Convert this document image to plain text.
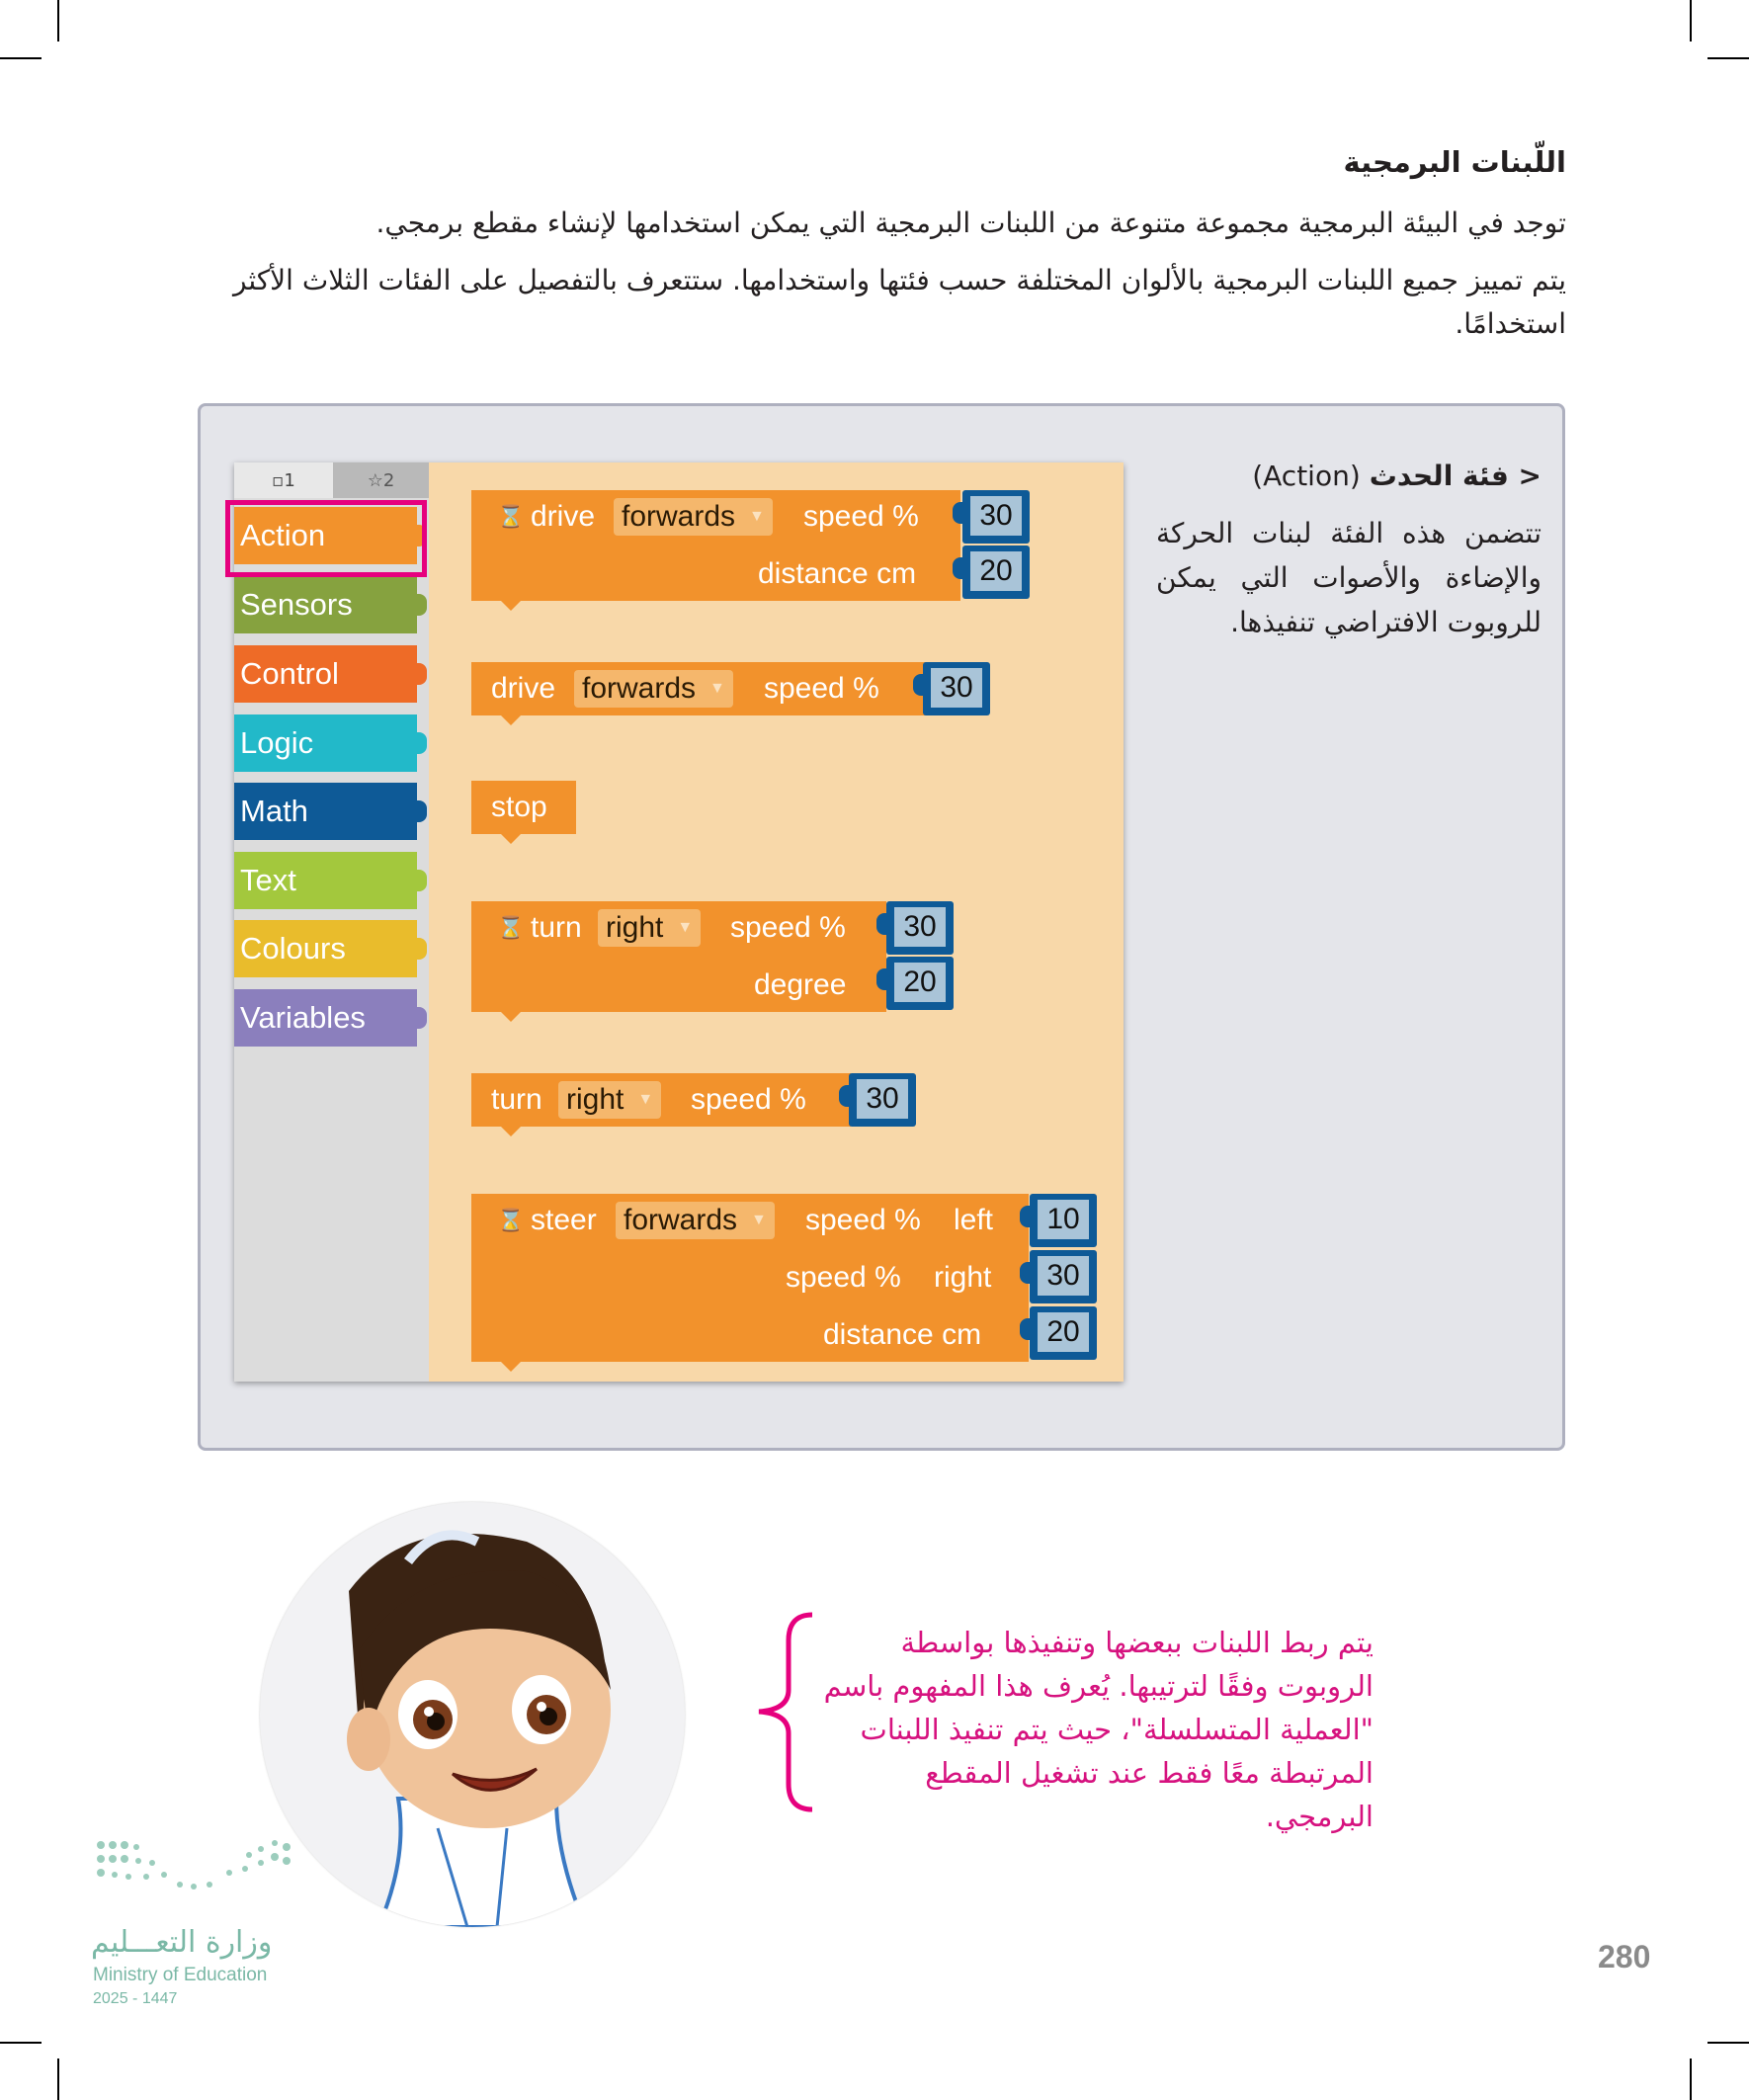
اللّبنات البرمجية
توجد في البيئة البرمجية مجموعة متنوعة من اللبنات البرمجية التي يمكن استخدامها لإنشاء مقطع برمجي.
يتم تمييز جميع اللبنات البرمجية بالألوان المختلفة حسب فئتها واستخدامها. ستتعرف بالتفصيل على الفئات الثلاث الأكثر استخدامًا.
< فئة الحدث (Action)
تتضمن هذه الفئة لبنات الحركة والإضاءة والأصوات التي يمكن للروبوت الافتراضي تنفيذها.
▫1	☆2
Action
Sensors
Control
Logic
Math
Text
Colours
Variables
⌛ drive forwards ▼ speed %
distance cm
30
20
drive forwards ▼ speed %	30
stop
⌛ turn right ▼ speed %
degree
30
20
turn right ▼ speed %	30
⌛ steer forwards ▼ speed % left
speed % right
distance cm
10
30
20
يتم ربط اللبنات ببعضها وتنفيذها بواسطة الروبوت وفقًا لترتيبها. يُعرف هذا المفهوم باسم "العملية المتسلسلة"، حيث يتم تنفيذ اللبنات المرتبطة معًا فقط عند تشغيل المقطع البرمجي.
وزارة التعـــليم
Ministry of Education
2025 - 1447
280
